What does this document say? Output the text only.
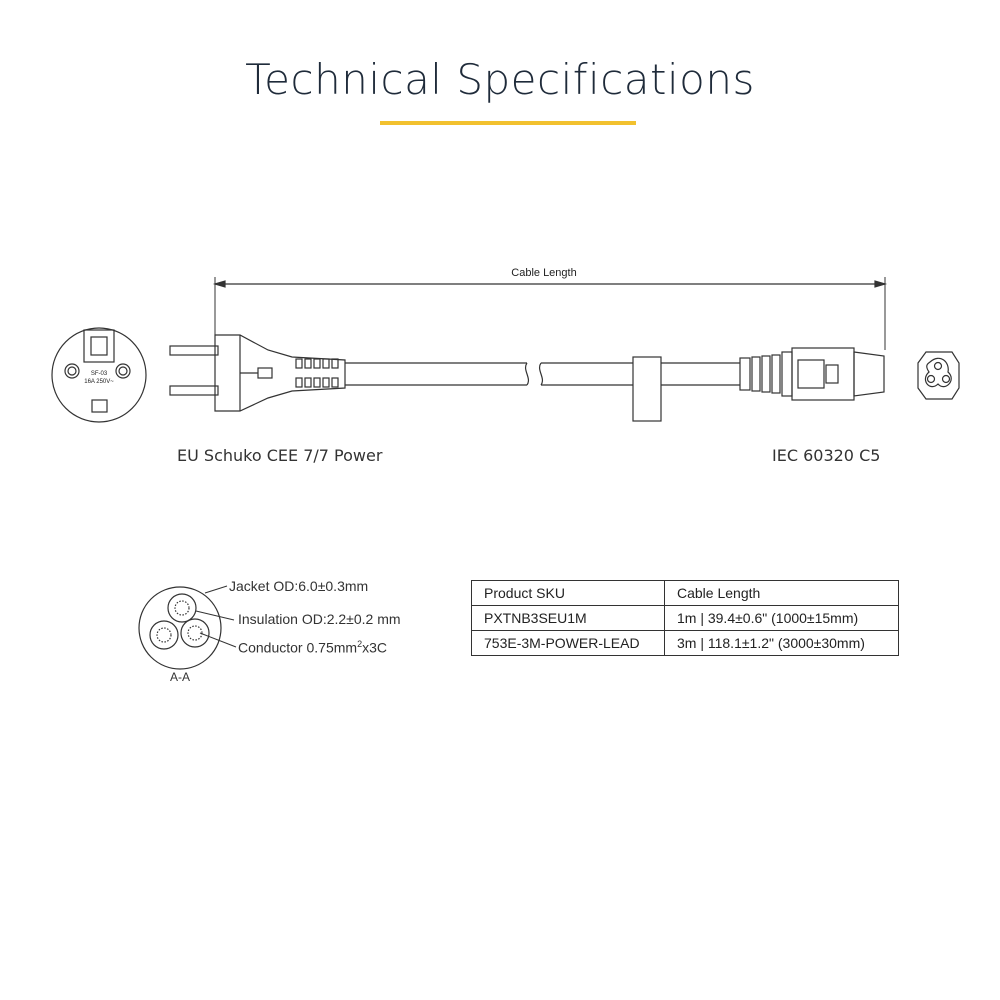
Technical Specifications
Cable Length
SF-03
16A 250V~
EU Schuko CEE 7/7 Power	IEC 60320 C5
Jacket OD:6.0±0.3mm
Insulation OD:2.2±0.2 mm
Conductor $0.75mm^2x3C$
A-A
Product SKU	Cable Length
PXTNB3SEU1M	1m | 39.4±0.6" (1000±15mm)
753E-3M-POWER-LEAD	3m | 118.1±1.2" (3000±30mm)
